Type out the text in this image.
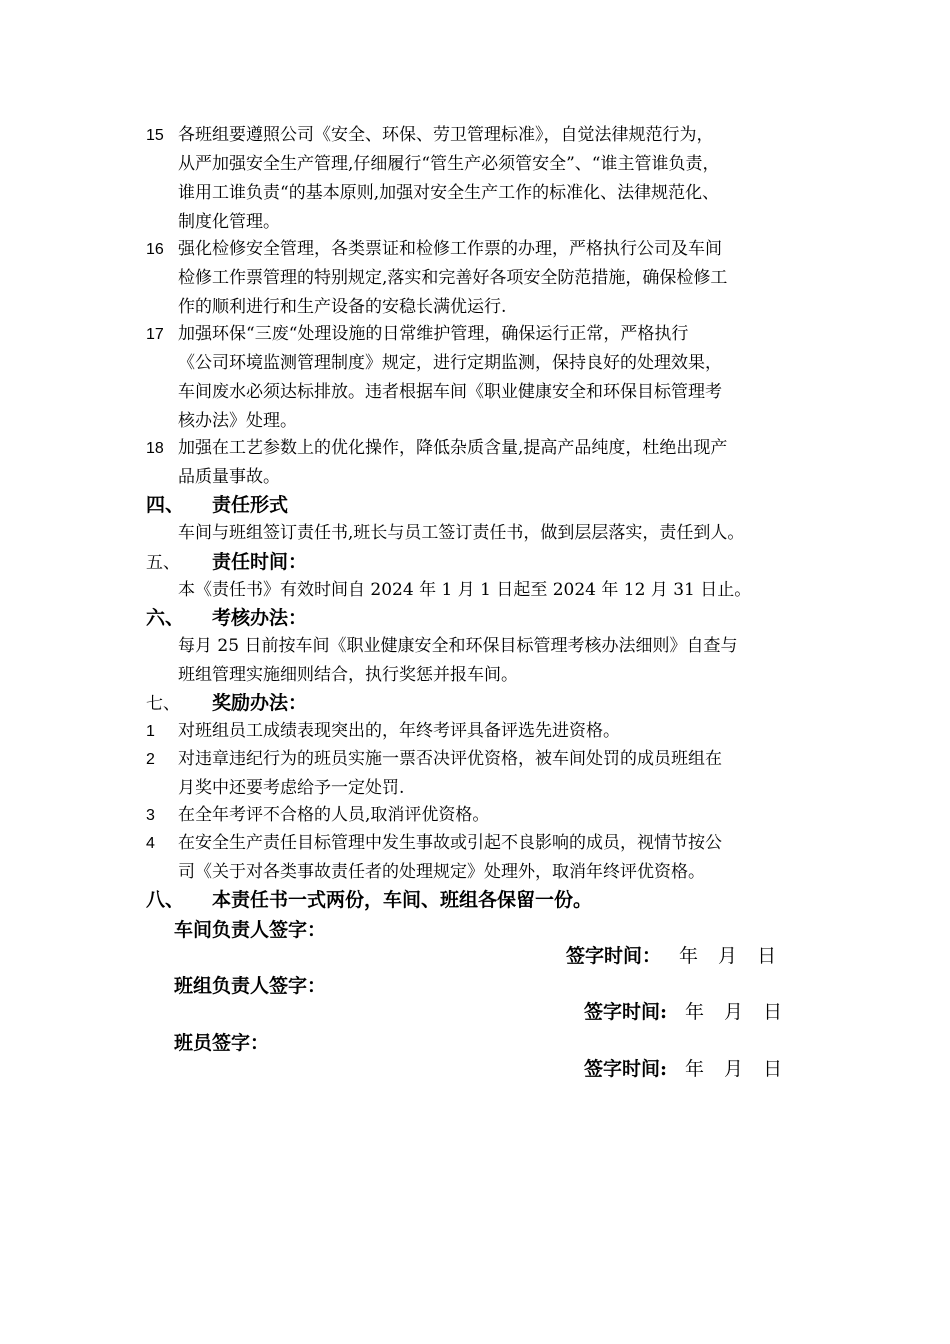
15 各班组要遵照公司《安全、环保、劳卫管理标准》，自觉法律规范行为，
从严加强安全生产管理,仔细履行“管生产必须管安全”、“谁主管谁负责，
谁用工谁负责“的基本原则,加强对安全生产工作的标准化、法律规范化、
制度化管理。
16 强化检修安全管理，各类票证和检修工作票的办理，严格执行公司及车间
检修工作票管理的特别规定,落实和完善好各项安全防范措施，确保检修工
作的顺利进行和生产设备的安稳长满优运行.
17 加强环保“三废“处理设施的日常维护管理，确保运行正常，严格执行
《公司环境监测管理制度》规定，进行定期监测，保持良好的处理效果，
车间废水必须达标排放。违者根据车间《职业健康安全和环保目标管理考
核办法》处理。
18 加强在工艺参数上的优化操作，降低杂质含量,提高产品纯度，杜绝出现产
品质量事故。
四、 责任形式
车间与班组签订责任书,班长与员工签订责任书，做到层层落实，责任到人。
五、 责任时间：
本《责任书》有效时间自 2024 年 1 月 1 日起至 2024 年 12 月 31 日止。
六、 考核办法：
每月 25 日前按车间《职业健康安全和环保目标管理考核办法细则》自查与
班组管理实施细则结合，执行奖惩并报车间。
七、 奖励办法：
1 对班组员工成绩表现突出的，年终考评具备评选先进资格。
2 对违章违纪行为的班员实施一票否决评优资格，被车间处罚的成员班组在
月奖中还要考虑给予一定处罚.
3 在全年考评不合格的人员,取消评优资格。
4 在安全生产责任目标管理中发生事故或引起不良影响的成员，视情节按公
司《关于对各类事故责任者的处理规定》处理外，取消年终评优资格。
八、 本责任书一式两份，车间、班组各保留一份。
车间负责人签字：
签字时间： 年 月 日
班组负责人签字：
签字时间: 年 月 日
班员签字：
签字时间: 年 月 日
